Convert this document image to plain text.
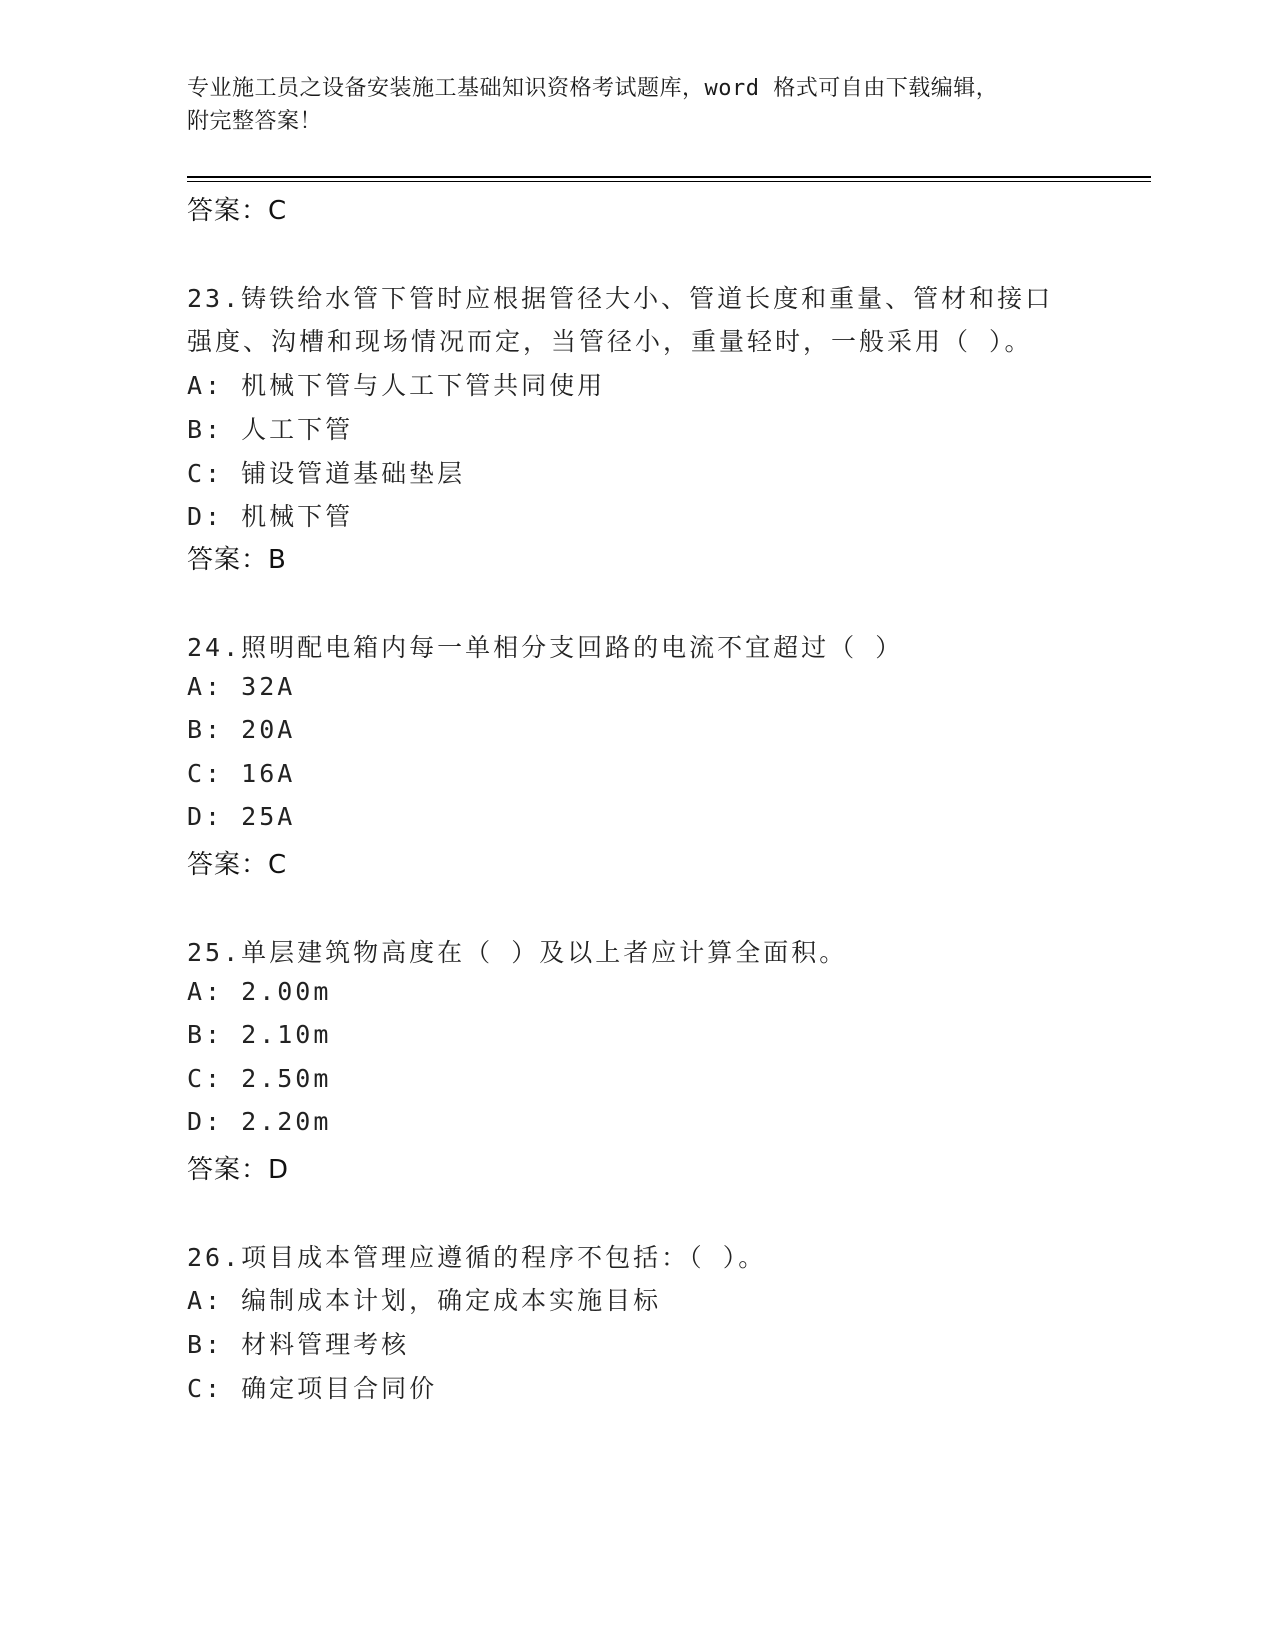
专业施工员之设备安装施工基础知识资格考试题库，word 格式可自由下载编辑，
附完整答案！
答案：C
23.铸铁给水管下管时应根据管径大小、管道长度和重量、管材和接口
强度、沟槽和现场情况而定，当管径小，重量轻时，一般采用（ ）。
A: 机械下管与人工下管共同使用
B: 人工下管
C: 铺设管道基础垫层
D: 机械下管
答案：B
24.照明配电箱内每一单相分支回路的电流不宜超过（ ）
A: 32A
B: 20A
C: 16A
D: 25A
答案：C
25.单层建筑物高度在（ ）及以上者应计算全面积。
A: 2.00m
B: 2.10m
C: 2.50m
D: 2.20m
答案：D
26.项目成本管理应遵循的程序不包括：（ ）。
A: 编制成本计划，确定成本实施目标
B: 材料管理考核
C: 确定项目合同价
